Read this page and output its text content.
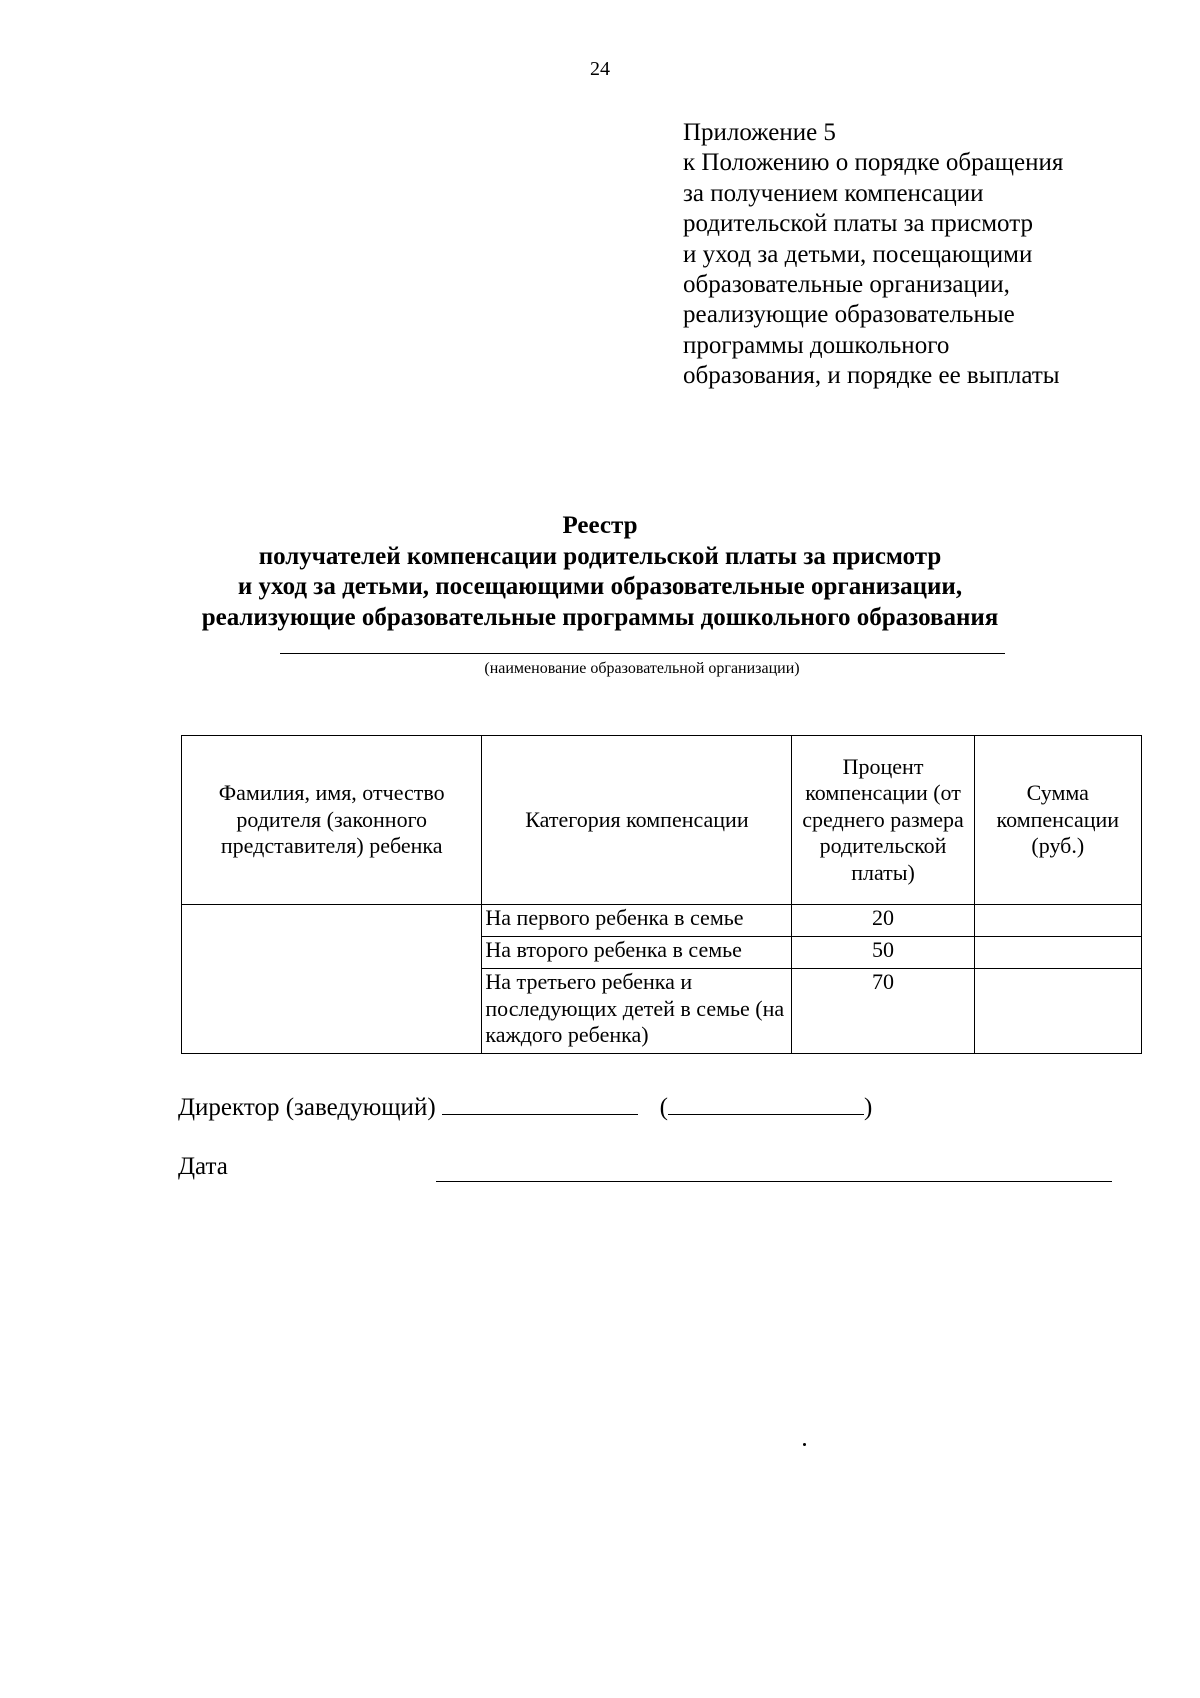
24
Приложение 5
к Положению о порядке обращения
за получением компенсации
родительской платы за присмотр
и уход за детьми, посещающими
образовательные организации,
реализующие образовательные
программы дошкольного
образования, и порядке ее выплаты
Реестр
получателей компенсации родительской платы за присмотр
и уход за детьми, посещающими образовательные организации,
реализующие образовательные программы дошкольного образования
(наименование образовательной организации)
Фамилия, имя, отчество родителя (законного представителя) ребенка	Категория компенсации	Процент компенсации (от среднего размера родительской платы)	Сумма компенсации (руб.)
	На первого ребенка в семье	20	
	На второго ребенка в семье	50	
	На третьего ребенка и последующих детей в семье (на каждого ребенка)	70	
Директор (заведующий)	(	)
Дата
